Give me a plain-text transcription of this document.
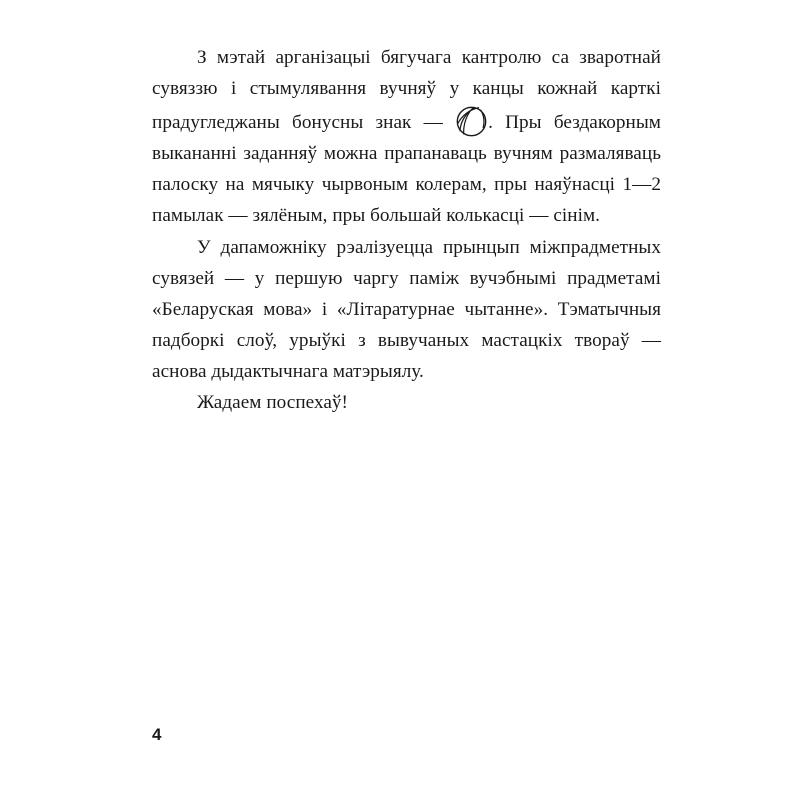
З мэтай арганізацыі бягучага кантролю са зваротнай сувяззю і стымулявання вучняў у канцы кожнай карткі прадугледжаны бонусны знак —
. Пры бездакорным выкананні заданняў можна прапанаваць вучням размаляваць палоску на мячыку чырвоным колерам, пры наяўнасці 1—2 памылак — зялёным, пры большай колькасці — сінім.

У дапаможніку рэалізуецца прынцып міжпрадметных сувязей — у першую чаргу паміж вучэбнымі прадметамі «Беларуская мова» і «Літаратурнае чытанне». Тэматычныя падборкі слоў, урыўкі з вывучаных мастацкіх твораў — аснова дыдактычнага матэрыялу.

Жадаем поспехаў!

4
